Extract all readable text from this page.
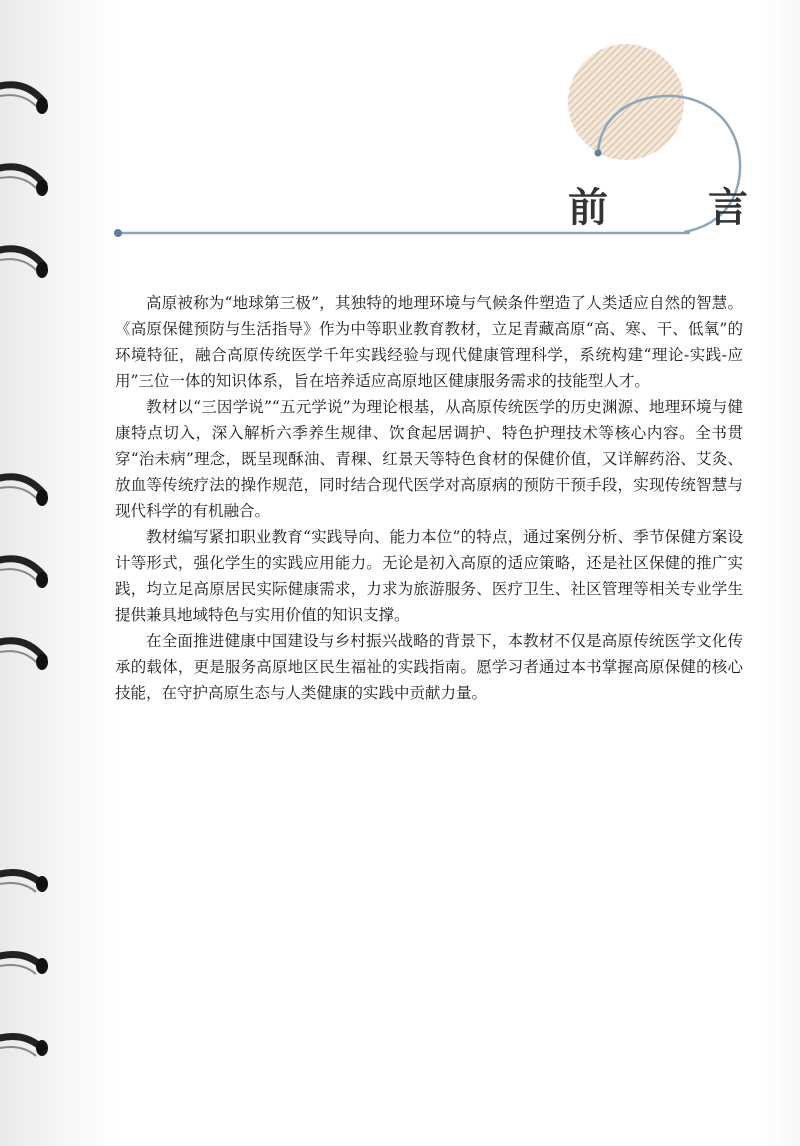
前　言

高原被称为“地球第三极”，其独特的地理环境与气候条件塑造了人类适应自然的智慧。《高原保健预防与生活指导》作为中等职业教育教材，立足青藏高原“高、寒、干、低氧”的环境特征，融合高原传统医学千年实践经验与现代健康管理科学，系统构建“理论-实践-应用”三位一体的知识体系，旨在培养适应高原地区健康服务需求的技能型人才。

教材以“三因学说”“五元学说”为理论根基，从高原传统医学的历史渊源、地理环境与健康特点切入，深入解析六季养生规律、饮食起居调护、特色护理技术等核心内容。全书贯穿“治未病”理念，既呈现酥油、青稞、红景天等特色食材的保健价值，又详解药浴、艾灸、放血等传统疗法的操作规范，同时结合现代医学对高原病的预防干预手段，实现传统智慧与现代科学的有机融合。

教材编写紧扣职业教育“实践导向、能力本位”的特点，通过案例分析、季节保健方案设计等形式，强化学生的实践应用能力。无论是初入高原的适应策略，还是社区保健的推广实践，均立足高原居民实际健康需求，力求为旅游服务、医疗卫生、社区管理等相关专业学生提供兼具地域特色与实用价值的知识支撑。

在全面推进健康中国建设与乡村振兴战略的背景下，本教材不仅是高原传统医学文化传承的载体，更是服务高原地区民生福祉的实践指南。愿学习者通过本书掌握高原保健的核心技能，在守护高原生态与人类健康的实践中贡献力量。
